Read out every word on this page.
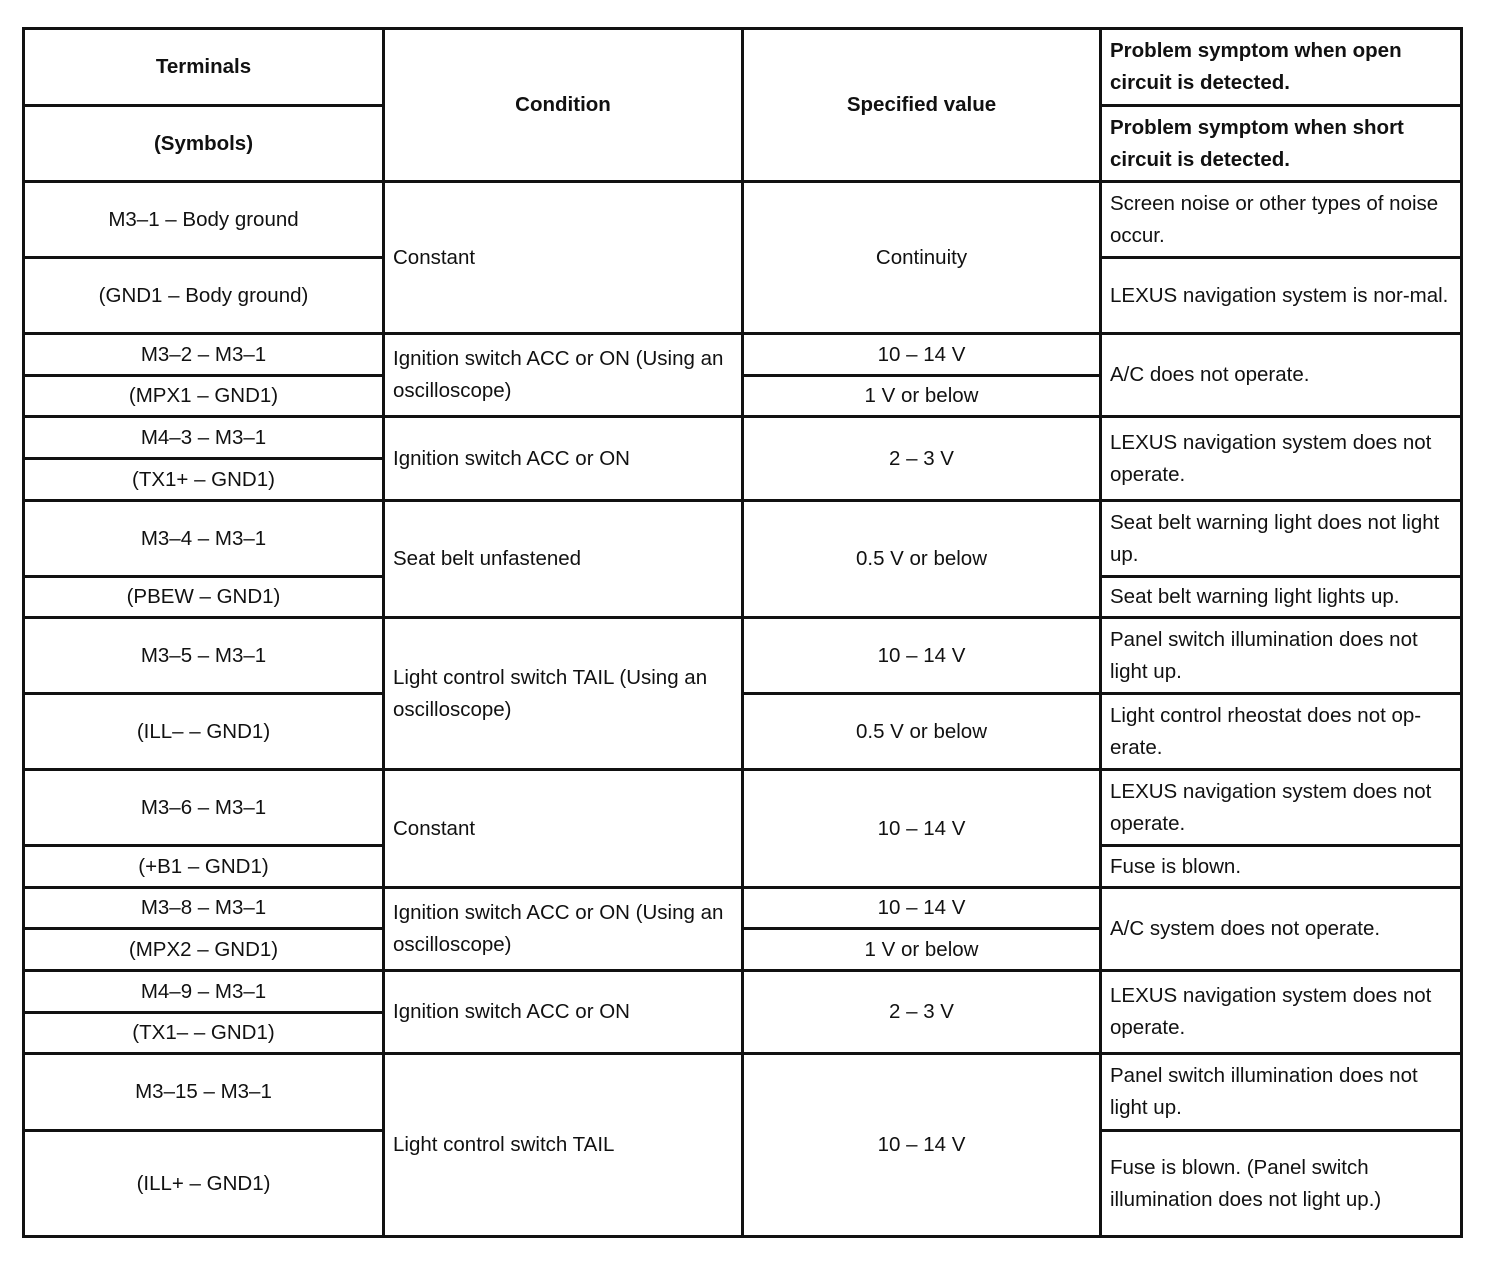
Terminals	Condition	Specified value	Problem symptom when open circuit is detected.
(Symbols)			Problem symptom when short circuit is detected.
M3–1 – Body ground	Constant	Continuity	Screen noise or other types of noise occur.
(GND1 – Body ground)			LEXUS navigation system is nor-mal.
M3–2 – M3–1	Ignition switch ACC or ON (Using an oscilloscope)	10 – 14 V	A/C does not operate.
(MPX1 – GND1)		1 V or below	
M4–3 – M3–1	Ignition switch ACC or ON	2 – 3 V	LEXUS navigation system does not operate.
(TX1+ – GND1)			
M3–4 – M3–1	Seat belt unfastened	0.5 V or below	Seat belt warning light does not light up.
(PBEW – GND1)			Seat belt warning light lights up.
M3–5 – M3–1	Light control switch TAIL (Using an oscilloscope)	10 – 14 V	Panel switch illumination does not light up.
(ILL– – GND1)		0.5 V or below	Light control rheostat does not op-erate.
M3–6 – M3–1	Constant	10 – 14 V	LEXUS navigation system does not operate.
(+B1 – GND1)			Fuse is blown.
M3–8 – M3–1	Ignition switch ACC or ON (Using an oscilloscope)	10 – 14 V	A/C system does not operate.
(MPX2 – GND1)		1 V or below	
M4–9 – M3–1	Ignition switch ACC or ON	2 – 3 V	LEXUS navigation system does not operate.
(TX1– – GND1)			
M3–15 – M3–1	Light control switch TAIL	10 – 14 V	Panel switch illumination does not light up.
(ILL+ – GND1)			Fuse is blown. (Panel switch illumination does not light up.)
